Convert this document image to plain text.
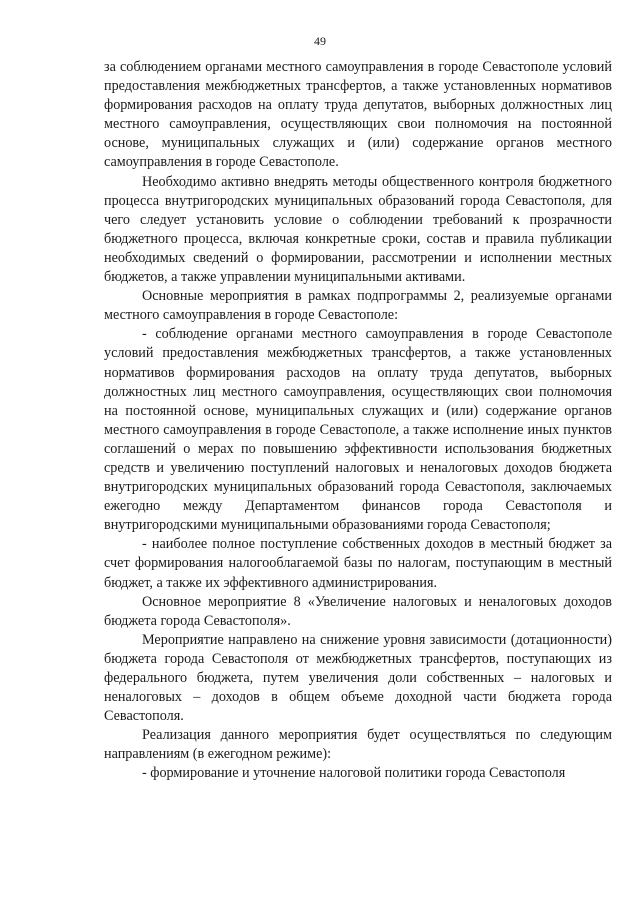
49

за соблюдением органами местного самоуправления в городе Севастополе условий предоставления межбюджетных трансфертов, а также установленных нормативов формирования расходов на оплату труда депутатов, выборных должностных лиц местного самоуправления, осуществляющих свои полномочия на постоянной основе, муниципальных служащих и (или) содержание органов местного самоуправления в городе Севастополе.

Необходимо активно внедрять методы общественного контроля бюджетного процесса внутригородских муниципальных образований города Севастополя, для чего следует установить условие о соблюдении требований к прозрачности бюджетного процесса, включая конкретные сроки, состав и правила публикации необходимых сведений о формировании, рассмотрении и исполнении местных бюджетов, а также управлении муниципальными активами.

Основные мероприятия в рамках подпрограммы 2, реализуемые органами местного самоуправления в городе Севастополе:

- соблюдение органами местного самоуправления в городе Севастополе условий предоставления межбюджетных трансфертов, а также установленных нормативов формирования расходов на оплату труда депутатов, выборных должностных лиц местного самоуправления, осуществляющих свои полномочия на постоянной основе, муниципальных служащих и (или) содержание органов местного самоуправления в городе Севастополе, а также исполнение иных пунктов соглашений о мерах по повышению эффективности использования бюджетных средств и увеличению поступлений налоговых и неналоговых доходов бюджета внутригородских муниципальных образований города Севастополя, заключаемых ежегодно между Департаментом финансов города Севастополя и внутригородскими муниципальными образованиями города Севастополя;

- наиболее полное поступление собственных доходов в местный бюджет за счет формирования налогооблагаемой базы по налогам, поступающим в местный бюджет, а также их эффективного администрирования.

Основное мероприятие 8 «Увеличение налоговых и неналоговых доходов бюджета города Севастополя».

Мероприятие направлено на снижение уровня зависимости (дотационности) бюджета города Севастополя от межбюджетных трансфертов, поступающих из федерального бюджета, путем увеличения доли собственных – налоговых и неналоговых – доходов в общем объеме доходной части бюджета города Севастополя.

Реализация данного мероприятия будет осуществляться по следующим направлениям (в ежегодном режиме):

- формирование и уточнение налоговой политики города Севастополя
